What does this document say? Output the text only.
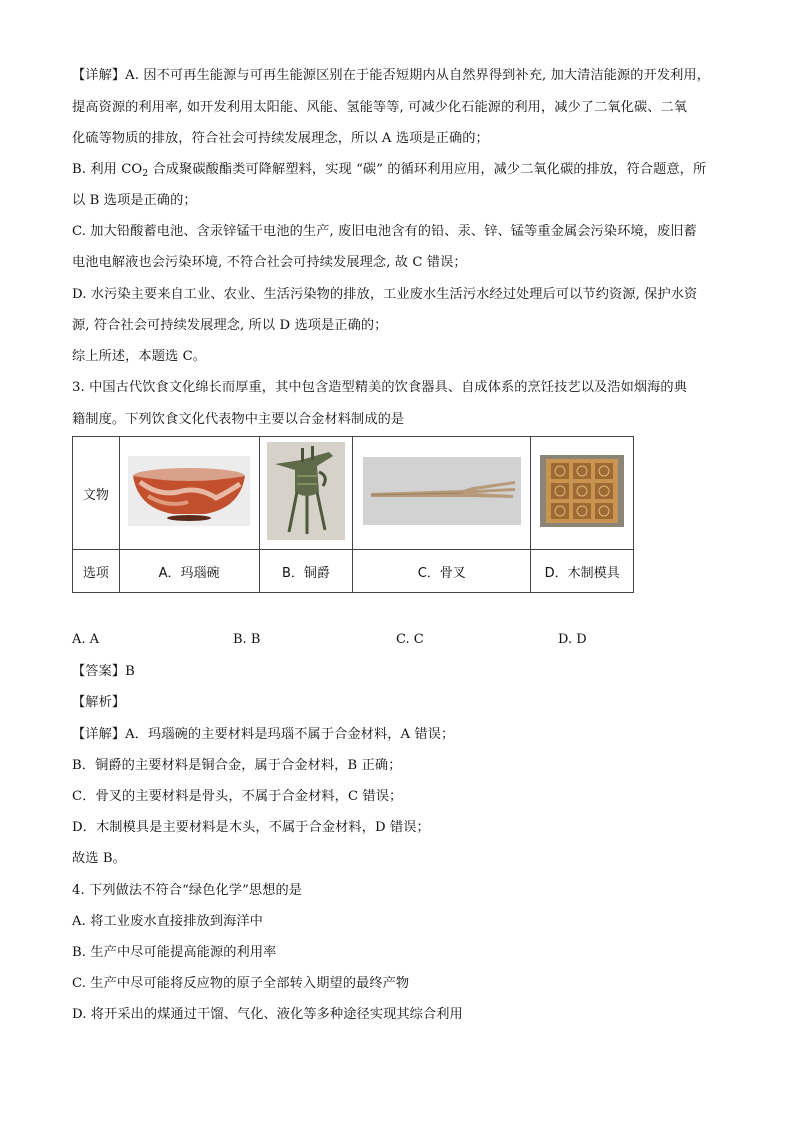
【详解】A. 因不可再生能源与可再生能源区别在于能否短期内从自然界得到补充, 加大清洁能源的开发利用，
提高资源的利用率, 如开发利用太阳能、风能、氢能等等, 可减少化石能源的利用，减少了二氧化碳、二氧
化硫等物质的排放，符合社会可持续发展理念，所以 A 选项是正确的；
B. 利用 $CO_2$ 合成聚碳酸酯类可降解塑料，实现 “碳” 的循环利用应用，减少二氧化碳的排放，符合题意，所
以 B 选项是正确的；
C. 加大铅酸蓄电池、含汞锌锰干电池的生产, 废旧电池含有的铅、汞、锌、锰等重金属会污染环境，废旧蓄
电池电解液也会污染环境, 不符合社会可持续发展理念, 故 C 错误；
D. 水污染主要来自工业、农业、生活污染物的排放，工业废水生活污水经过处理后可以节约资源, 保护水资
源, 符合社会可持续发展理念, 所以 D 选项是正确的；
综上所述，本题选 C。
3. 中国古代饮食文化绵长而厚重，其中包含造型精美的饮食器具、自成体系的烹饪技艺以及浩如烟海的典
籍制度。下列饮食文化代表物中主要以合金材料制成的是
文物				
选项	A．玛瑙碗	B．铜爵	C．骨叉	D．木制模具
A. A	B. B	C. C	D. D
【答案】B
【解析】
【详解】A．玛瑙碗的主要材料是玛瑙不属于合金材料，A 错误；
B．铜爵的主要材料是铜合金，属于合金材料，B 正确；
C．骨叉的主要材料是骨头，不属于合金材料，C 错误；
D．木制模具是主要材料是木头，不属于合金材料，D 错误；
故选 B。
4. 下列做法不符合“绿色化学”思想的是
A. 将工业废水直接排放到海洋中
B. 生产中尽可能提高能源的利用率
C. 生产中尽可能将反应物的原子全部转入期望的最终产物
D. 将开采出的煤通过干馏、气化、液化等多种途径实现其综合利用
